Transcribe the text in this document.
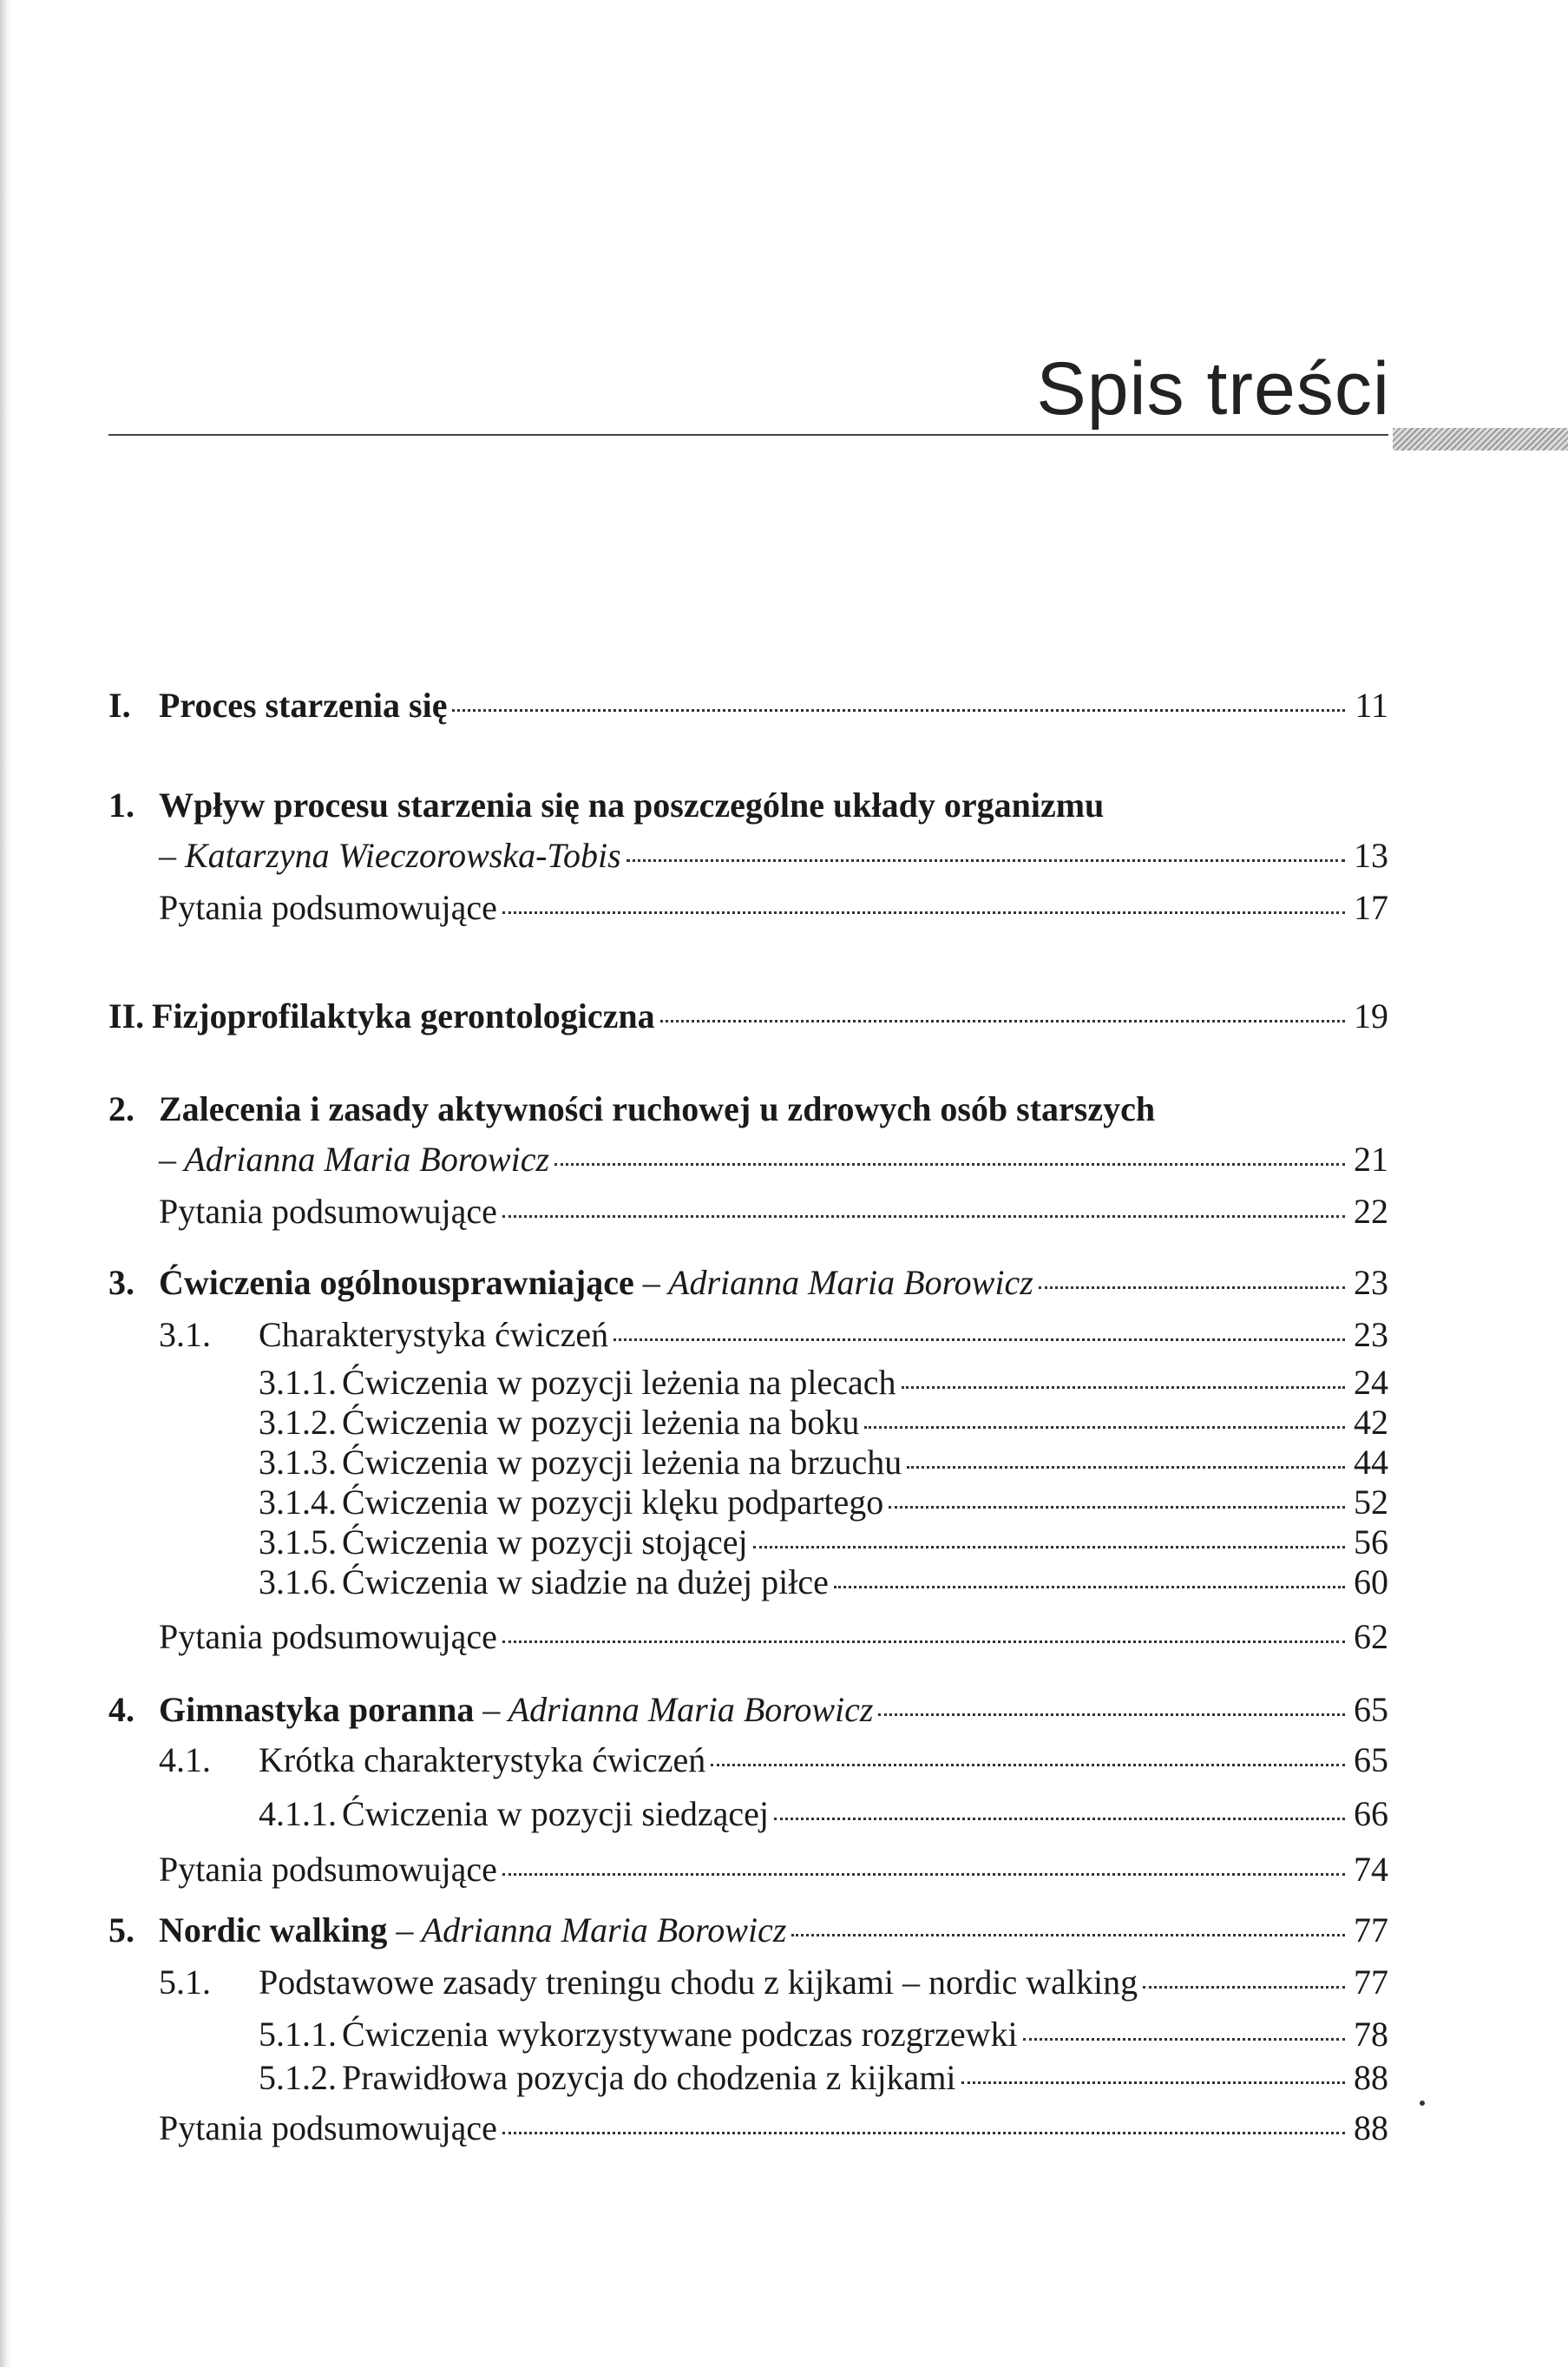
Spis treści
I. Proces starzenia się	11
1. Wpływ procesu starzenia się na poszczególne układy organizmu
– Katarzyna Wieczorowska-Tobis	13
Pytania podsumowujące	17
II. Fizjoprofilaktyka gerontologiczna	19
2. Zalecenia i zasady aktywności ruchowej u zdrowych osób starszych
– Adrianna Maria Borowicz	21
Pytania podsumowujące	22
3. Ćwiczenia ogólnousprawniające – Adrianna Maria Borowicz	23
3.1.	Charakterystyka ćwiczeń	23
3.1.1. Ćwiczenia w pozycji leżenia na plecach	24
3.1.2. Ćwiczenia w pozycji leżenia na boku	42
3.1.3. Ćwiczenia w pozycji leżenia na brzuchu	44
3.1.4. Ćwiczenia w pozycji klęku podpartego	52
3.1.5. Ćwiczenia w pozycji stojącej	56
3.1.6. Ćwiczenia w siadzie na dużej piłce	60
Pytania podsumowujące	62
4. Gimnastyka poranna – Adrianna Maria Borowicz	65
4.1.	Krótka charakterystyka ćwiczeń	65
4.1.1. Ćwiczenia w pozycji siedzącej	66
Pytania podsumowujące	74
5. Nordic walking – Adrianna Maria Borowicz	77
5.1.	Podstawowe zasady treningu chodu z kijkami – nordic walking	77
5.1.1. Ćwiczenia wykorzystywane podczas rozgrzewki	78
5.1.2. Prawidłowa pozycja do chodzenia z kijkami	88
Pytania podsumowujące	88
